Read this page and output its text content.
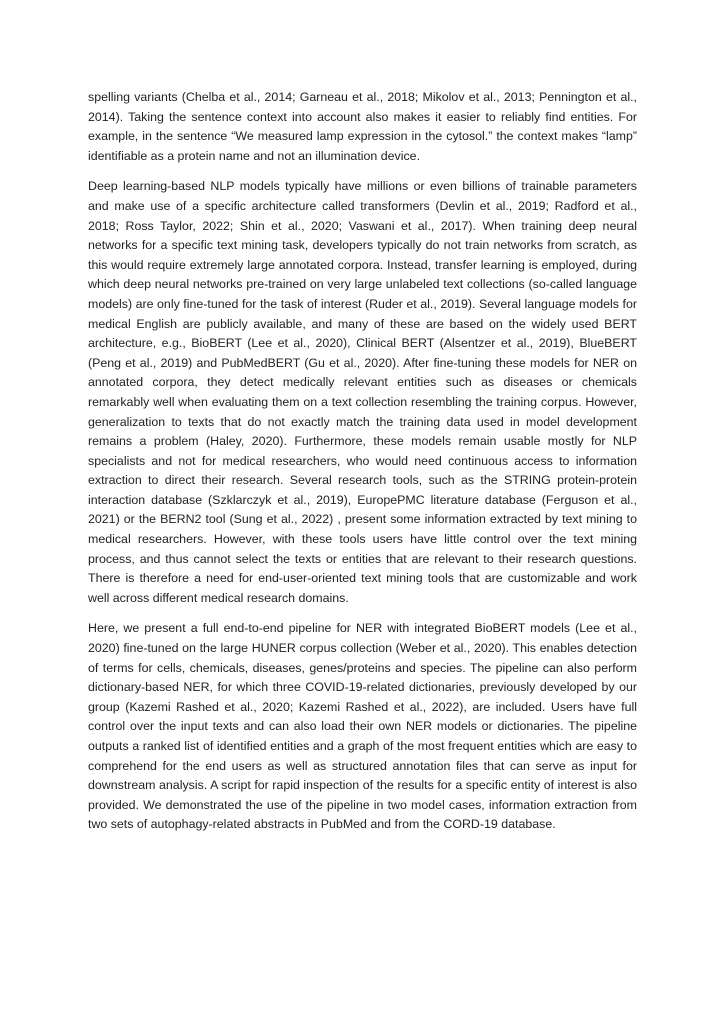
spelling variants (Chelba et al., 2014; Garneau et al., 2018; Mikolov et al., 2013; Pennington et al., 2014). Taking the sentence context into account also makes it easier to reliably find entities. For example, in the sentence “We measured lamp expression in the cytosol.” the context makes “lamp” identifiable as a protein name and not an illumination device.

Deep learning-based NLP models typically have millions or even billions of trainable parameters and make use of a specific architecture called transformers (Devlin et al., 2019; Radford et al., 2018; Ross Taylor, 2022; Shin et al., 2020; Vaswani et al., 2017). When training deep neural networks for a specific text mining task, developers typically do not train networks from scratch, as this would require extremely large annotated corpora. Instead, transfer learning is employed, during which deep neural networks pre-trained on very large unlabeled text collections (so-called language models) are only fine-tuned for the task of interest (Ruder et al., 2019). Several language models for medical English are publicly available, and many of these are based on the widely used BERT architecture, e.g., BioBERT (Lee et al., 2020), Clinical BERT (Alsentzer et al., 2019), BlueBERT (Peng et al., 2019) and PubMedBERT (Gu et al., 2020). After fine-tuning these models for NER on annotated corpora, they detect medically relevant entities such as diseases or chemicals remarkably well when evaluating them on a text collection resembling the training corpus. However, generalization to texts that do not exactly match the training data used in model development remains a problem (Haley, 2020). Furthermore, these models remain usable mostly for NLP specialists and not for medical researchers, who would need continuous access to information extraction to direct their research. Several research tools, such as the STRING protein-protein interaction database (Szklarczyk et al., 2019), EuropePMC literature database (Ferguson et al., 2021) or the BERN2 tool (Sung et al., 2022) , present some information extracted by text mining to medical researchers. However, with these tools users have little control over the text mining process, and thus cannot select the texts or entities that are relevant to their research questions. There is therefore a need for end-user-oriented text mining tools that are customizable and work well across different medical research domains.

Here, we present a full end-to-end pipeline for NER with integrated BioBERT models (Lee et al., 2020) fine-tuned on the large HUNER corpus collection (Weber et al., 2020). This enables detection of terms for cells, chemicals, diseases, genes/proteins and species. The pipeline can also perform dictionary-based NER, for which three COVID-19-related dictionaries, previously developed by our group (Kazemi Rashed et al., 2020; Kazemi Rashed et al., 2022), are included. Users have full control over the input texts and can also load their own NER models or dictionaries. The pipeline outputs a ranked list of identified entities and a graph of the most frequent entities which are easy to comprehend for the end users as well as structured annotation files that can serve as input for downstream analysis. A script for rapid inspection of the results for a specific entity of interest is also provided. We demonstrated the use of the pipeline in two model cases, information extraction from two sets of autophagy-related abstracts in PubMed and from the CORD-19 database.
